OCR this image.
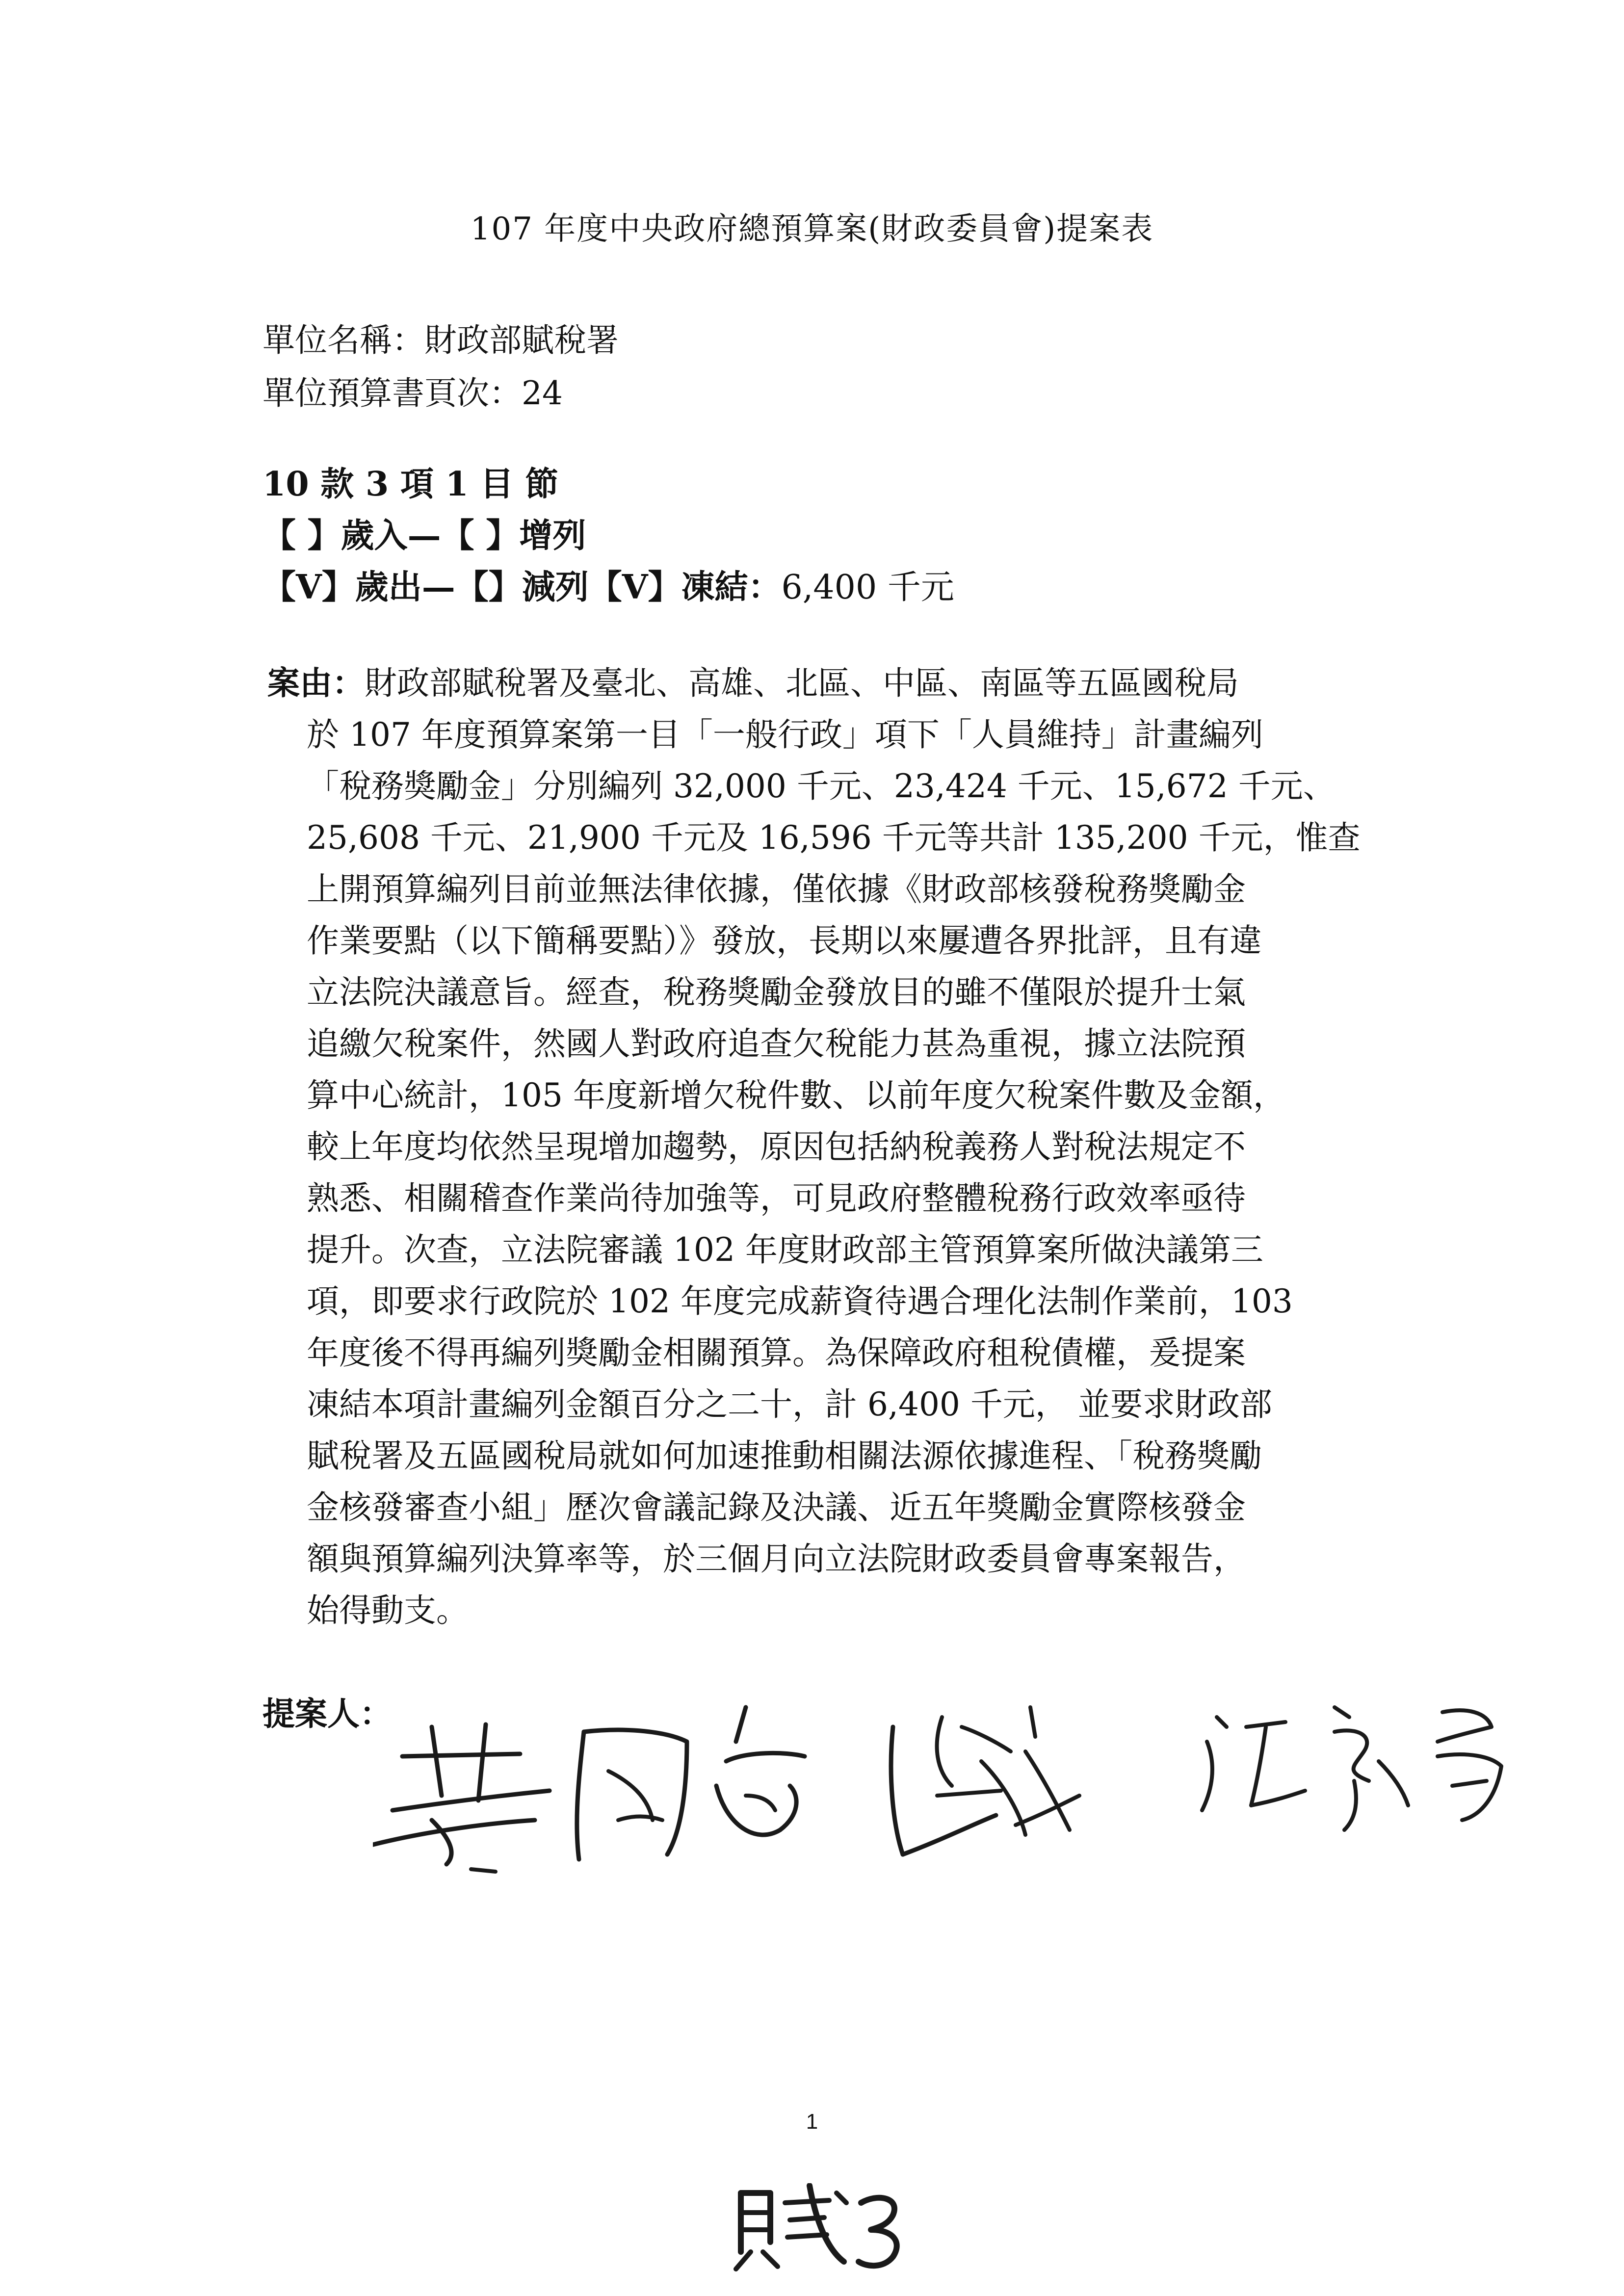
107 年度中央政府總預算案(財政委員會)提案表
單位名稱：財政部賦稅署
單位預算書頁次：24
10 款 3 項 1 目 節
【 】歲入—【 】增列
【V】歲出—【】減列【V】凍結：6,400 千元
案由：財政部賦稅署及臺北、高雄、北區、中區、南區等五區國稅局
於 107 年度預算案第一目「一般行政」項下「人員維持」計畫編列
「稅務獎勵金」分別編列 32,000 千元、23,424 千元、15,672 千元、
25,608 千元、21,900 千元及 16,596 千元等共計 135,200 千元，惟查
上開預算編列目前並無法律依據，僅依據《財政部核發稅務獎勵金
作業要點（以下簡稱要點）》發放，長期以來屢遭各界批評，且有違
立法院決議意旨。經查，稅務獎勵金發放目的雖不僅限於提升士氣
追繳欠稅案件，然國人對政府追查欠稅能力甚為重視，據立法院預
算中心統計，105 年度新增欠稅件數、以前年度欠稅案件數及金額，
較上年度均依然呈現增加趨勢，原因包括納稅義務人對稅法規定不
熟悉、相關稽查作業尚待加強等，可見政府整體稅務行政效率亟待
提升。次查，立法院審議 102 年度財政部主管預算案所做決議第三
項，即要求行政院於 102 年度完成薪資待遇合理化法制作業前，103
年度後不得再編列獎勵金相關預算。為保障政府租稅債權，爰提案
凍結本項計畫編列金額百分之二十，計 6,400 千元， 並要求財政部
賦稅署及五區國稅局就如何加速推動相關法源依據進程、「稅務獎勵
金核發審查小組」歷次會議記錄及決議、近五年獎勵金實際核發金
額與預算編列決算率等，於三個月向立法院財政委員會專案報告，
始得動支。
提案人：
1
